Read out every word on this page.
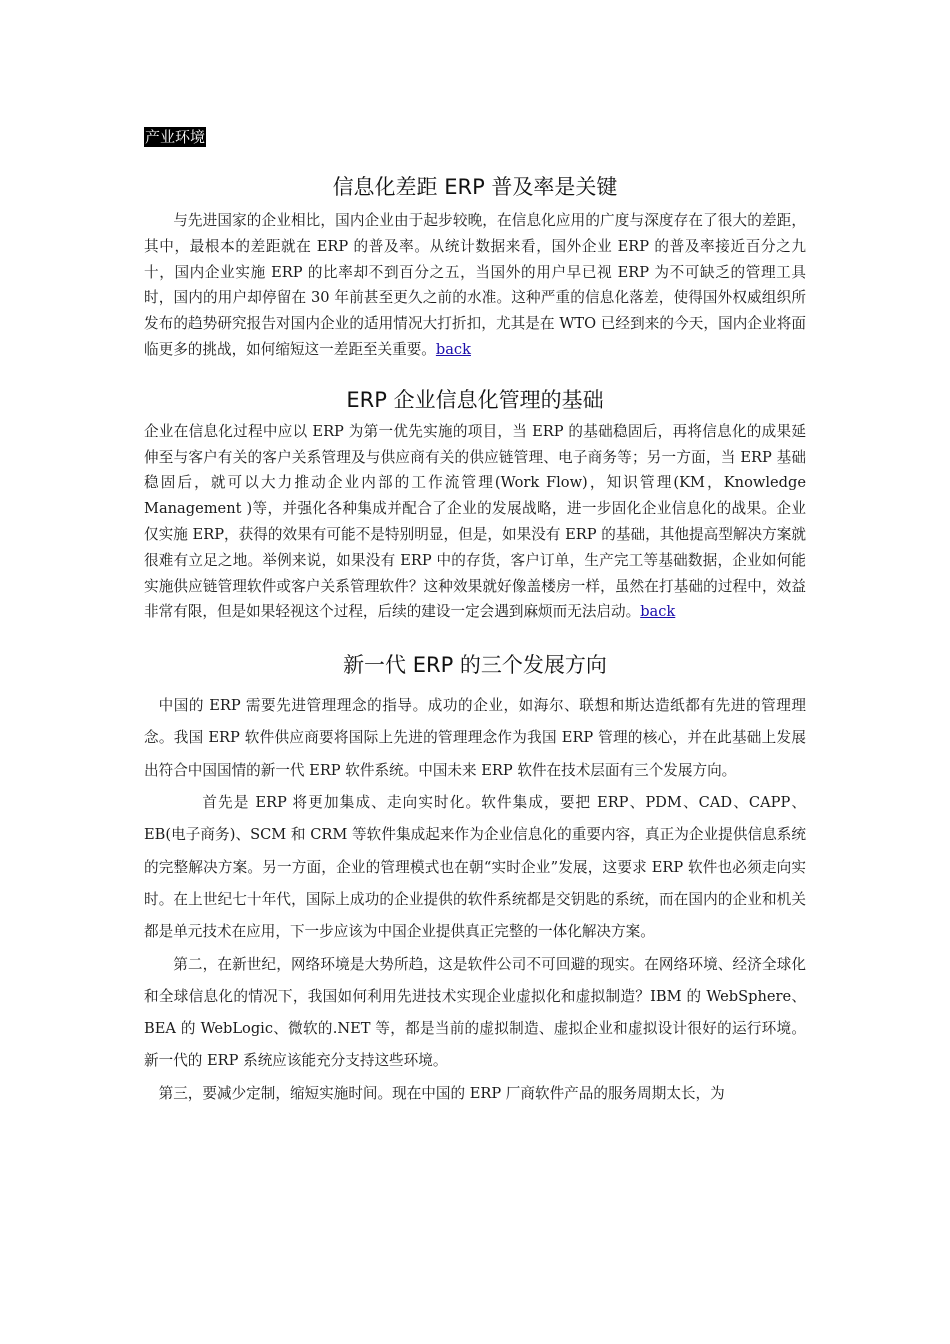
产业环境
信息化差距 ERP 普及率是关键

与先进国家的企业相比，国内企业由于起步较晚，在信息化应用的广度与深度存在了很大的差距，其中，最根本的差距就在 ERP 的普及率。从统计数据来看，国外企业 ERP 的普及率接近百分之九十，国内企业实施 ERP 的比率却不到百分之五，当国外的用户早已视 ERP 为不可缺乏的管理工具时，国内的用户却停留在 30 年前甚至更久之前的水准。这种严重的信息化落差，使得国外权威组织所发布的趋势研究报告对国内企业的适用情况大打折扣，尤其是在 WTO 已经到来的今天，国内企业将面临更多的挑战，如何缩短这一差距至关重要。back

ERP 企业信息化管理的基础

企业在信息化过程中应以 ERP 为第一优先实施的项目，当 ERP 的基础稳固后，再将信息化的成果延伸至与客户有关的客户关系管理及与供应商有关的供应链管理、电子商务等；另一方面，当 ERP 基础稳固后，就可以大力推动企业内部的工作流管理(Work Flow)，知识管理(KM，Knowledge Management )等，并强化各种集成并配合了企业的发展战略，进一步固化企业信息化的战果。企业仅实施 ERP，获得的效果有可能不是特别明显，但是，如果没有 ERP 的基础，其他提高型解决方案就很难有立足之地。举例来说，如果没有 ERP 中的存货，客户订单，生产完工等基础数据，企业如何能实施供应链管理软件或客户关系管理软件？这种效果就好像盖楼房一样，虽然在打基础的过程中，效益非常有限，但是如果轻视这个过程，后续的建设一定会遇到麻烦而无法启动。back

新一代 ERP 的三个发展方向

中国的 ERP 需要先进管理理念的指导。成功的企业，如海尔、联想和斯达造纸都有先进的管理理念。我国 ERP 软件供应商要将国际上先进的管理理念作为我国 ERP 管理的核心，并在此基础上发展出符合中国国情的新一代 ERP 软件系统。中国未来 ERP 软件在技术层面有三个发展方向。

首先是 ERP 将更加集成、走向实时化。软件集成，要把 ERP、PDM、CAD、CAPP、EB(电子商务)、SCM 和 CRM 等软件集成起来作为企业信息化的重要内容，真正为企业提供信息系统的完整解决方案。另一方面，企业的管理模式也在朝“实时企业”发展，这要求 ERP 软件也必须走向实时。在上世纪七十年代，国际上成功的企业提供的软件系统都是交钥匙的系统，而在国内的企业和机关都是单元技术在应用，下一步应该为中国企业提供真正完整的一体化解决方案。

第二，在新世纪，网络环境是大势所趋，这是软件公司不可回避的现实。在网络环境、经济全球化和全球信息化的情况下，我国如何利用先进技术实现企业虚拟化和虚拟制造？IBM 的 WebSphere、BEA 的 WebLogic、微软的.NET 等，都是当前的虚拟制造、虚拟企业和虚拟设计很好的运行环境。新一代的 ERP 系统应该能充分支持这些环境。

第三，要减少定制，缩短实施时间。现在中国的 ERP 厂商软件产品的服务周期太长，为
